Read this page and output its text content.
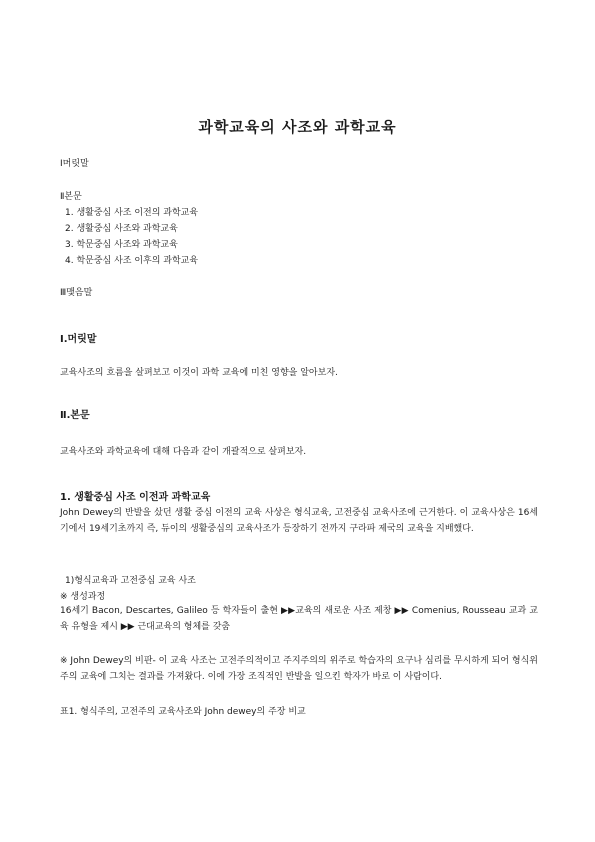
과학교육의 사조와 과학교육
Ⅰ머릿말
Ⅱ본문
1. 생활중심 사조 이전의 과학교육
2. 생활중심 사조와 과학교육
3. 학문중심 사조와 과학교육
4. 학문중심 사조 이후의 과학교육
Ⅲ맺음말
Ⅰ.머릿말
교육사조의 흐름을 살펴보고 이것이 과학 교육에 미친 영향을 알아보자.
Ⅱ.본문
교육사조와 과학교육에 대해 다음과 같이 개괄적으로 살펴보자.
1. 생활중심 사조 이전과 과학교육
John Dewey의 반발을 샀던 생활 중심 이전의 교육 사상은 형식교육, 고전중심 교육사조에 근거한다. 이 교육사상은 16세기에서 19세기초까지 즉, 듀이의 생활중심의 교육사조가 등장하기 전까지 구라파 제국의 교육을 지배했다.
1)형식교육과 고전중심 교육 사조
※ 생성과정
16세기 Bacon, Descartes, Galileo 등 학자들이 출현 ▶▶교육의 새로운 사조 제창 ▶▶ Comenius, Rousseau 교과 교육 유형을 제시 ▶▶ 근대교육의 형체를 갖춤
※ John Dewey의 비판- 이 교육 사조는 고전주의적이고 주지주의의 위주로 학습자의 요구나 심리를 무시하게 되어 형식위주의 교육에 그치는 결과를 가져왔다. 이에 가장 조직적인 반발을 일으킨 학자가 바로 이 사람이다.
표1. 형식주의, 고전주의 교육사조와 John dewey의 주장 비교
